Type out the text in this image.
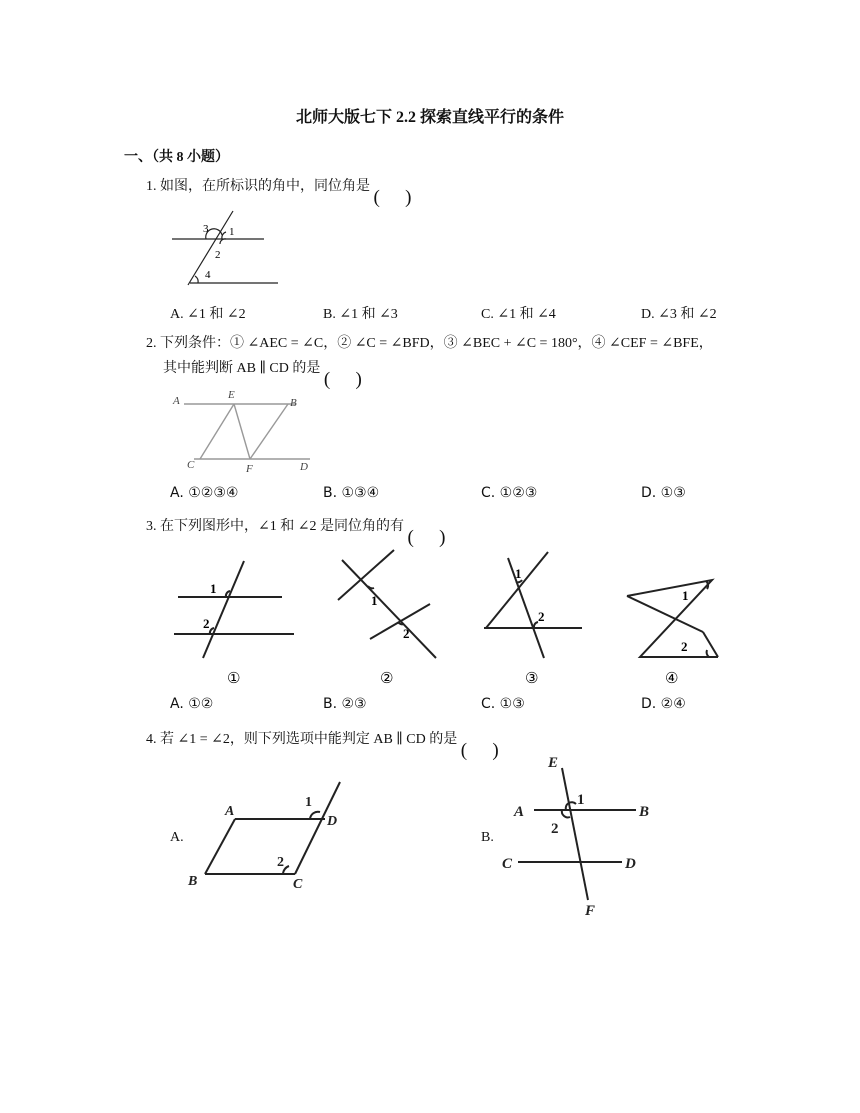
北师大版七下 2.2 探索直线平行的条件
一、（共 8 小题）
1. 如图，在所标识的角中，同位角是
3 1
2
4
A. ∠1 和 ∠2	B. ∠1 和 ∠3	C. ∠1 和 ∠4	D. ∠3 和 ∠2
2. 下列条件：① ∠AEC = ∠C，② ∠C = ∠BFD，③ ∠BEC + ∠C = 180°，④ ∠CEF = ∠BFE，
其中能判断 AB ∥ CD 的是
A	E
B
C	F	D
A. ①②③④	B. ①③④	C. ①②③	D. ①③
3. 在下列图形中，∠1 和 ∠2 是同位角的有
1
2
①
1
2
②
1
2
③
1
2
④
A. ①②	B. ②③	C. ①③	D. ②④
4. 若 ∠1 = ∠2，则下列选项中能判定 AB ∥ CD 的是
A.
A
1
D
2
B	C
B.
E
A
1
B
2
C	D
F
